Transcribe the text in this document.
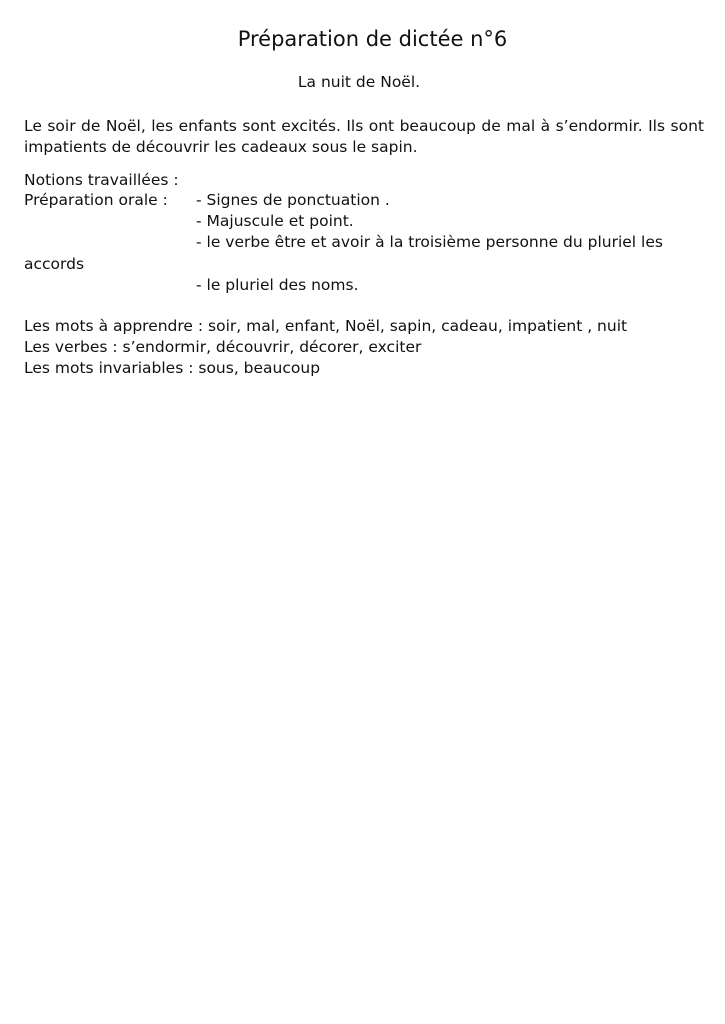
Préparation de dictée n°6
La nuit de Noël.
Le soir de Noël, les enfants sont excités. Ils ont beaucoup de mal à s’endormir. Ils sont impatients de découvrir les cadeaux sous le sapin.
Notions travaillées :
Préparation orale : - Signes de ponctuation .
- Majuscule et point.
- le verbe être et avoir à la troisième personne du pluriel les
accords
- le pluriel des noms.
Les mots à apprendre : soir, mal, enfant, Noël, sapin, cadeau, impatient , nuit
Les verbes : s’endormir, découvrir, décorer, exciter
Les mots invariables : sous, beaucoup
